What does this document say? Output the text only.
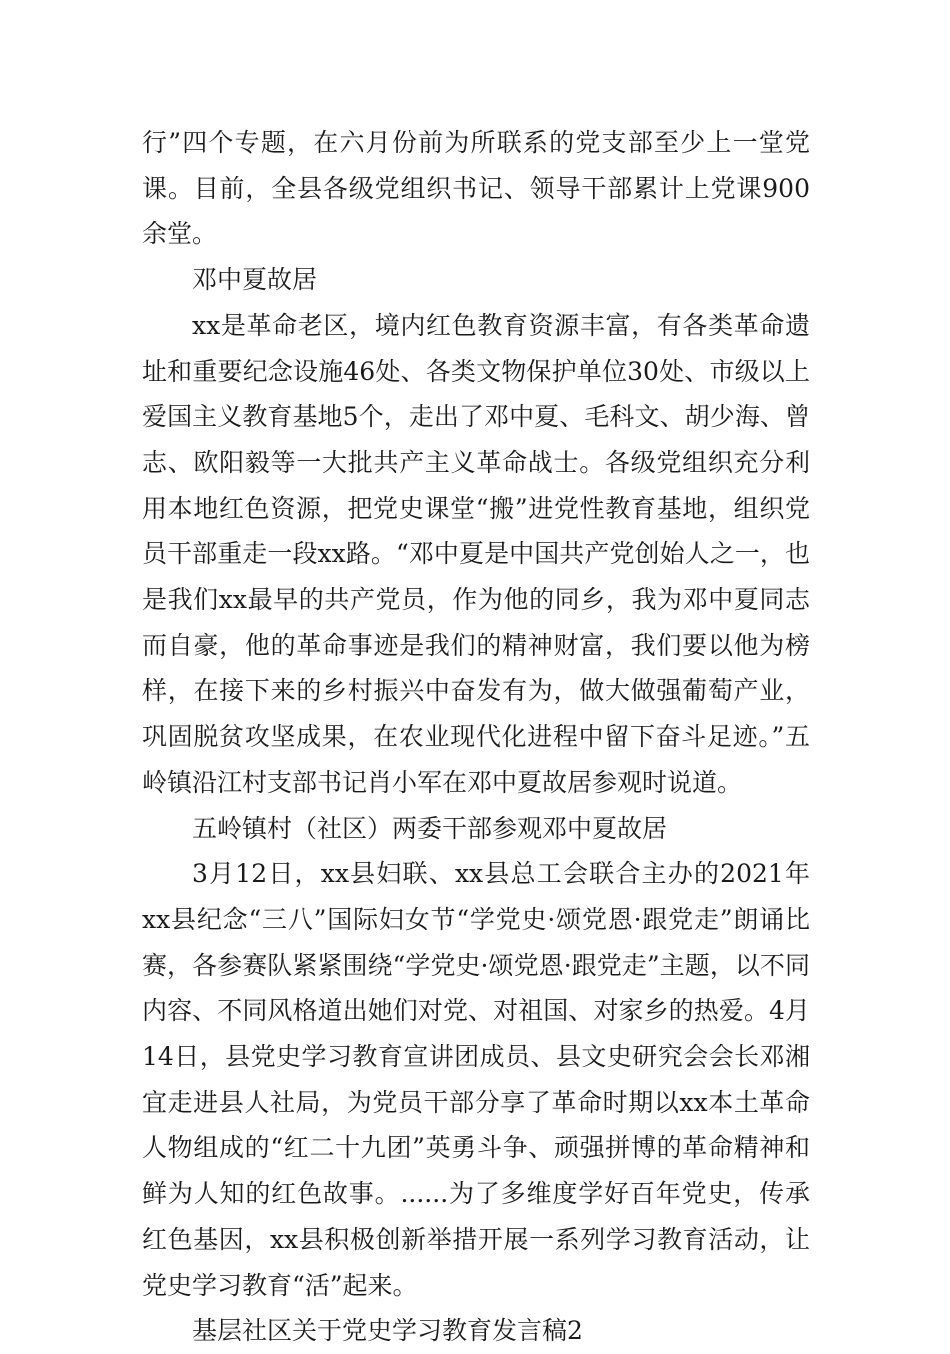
行”四个专题，在六月份前为所联系的党支部至少上一堂党课。目前，全县各级党组织书记、领导干部累计上党课900余堂。

邓中夏故居

xx是革命老区，境内红色教育资源丰富，有各类革命遗址和重要纪念设施46处、各类文物保护单位30处、市级以上爱国主义教育基地5个，走出了邓中夏、毛科文、胡少海、曾志、欧阳毅等一大批共产主义革命战士。各级党组织充分利用本地红色资源，把党史课堂“搬”进党性教育基地，组织党员干部重走一段xx路。“邓中夏是中国共产党创始人之一，也是我们xx最早的共产党员，作为他的同乡，我为邓中夏同志而自豪，他的革命事迹是我们的精神财富，我们要以他为榜样，在接下来的乡村振兴中奋发有为，做大做强葡萄产业，巩固脱贫攻坚成果，在农业现代化进程中留下奋斗足迹。”五岭镇沿江村支部书记肖小军在邓中夏故居参观时说道。

五岭镇村（社区）两委干部参观邓中夏故居

3月12日，xx县妇联、xx县总工会联合主办的2021年xx县纪念“三八”国际妇女节“学党史·颂党恩·跟党走”朗诵比赛，各参赛队紧紧围绕“学党史·颂党恩·跟党走”主题，以不同内容、不同风格道出她们对党、对祖国、对家乡的热爱。4月14日，县党史学习教育宣讲团成员、县文史研究会会长邓湘宜走进县人社局，为党员干部分享了革命时期以xx本土革命人物组成的“红二十九团”英勇斗争、顽强拼博的革命精神和鲜为人知的红色故事。......为了多维度学好百年党史，传承红色基因，xx县积极创新举措开展一系列学习教育活动，让党史学习教育“活”起来。

基层社区关于党史学习教育发言稿2
